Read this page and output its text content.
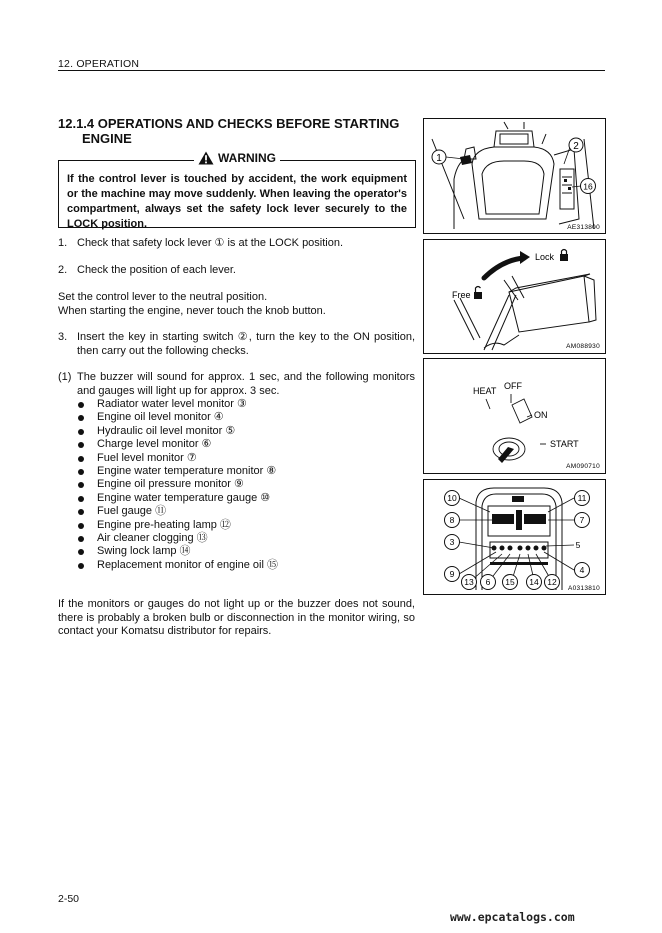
12. OPERATION
12.1.4 OPERATIONS AND CHECKS BEFORE STARTING
ENGINE
WARNING
If the control lever is touched by accident, the work equipment or the machine may move suddenly. When leaving the operator's compartment, always set the safety lock lever securely to the LOCK position.
1. Check that safety lock lever ① is at the LOCK position.
2. Check the position of each lever.
Set the control lever to the neutral position.
When starting the engine, never touch the knob button.
3. Insert the key in starting switch ②, turn the key to the ON position, then carry out the following checks.
(1) The buzzer will sound for approx. 1 sec, and the following monitors and gauges will light up for approx. 3 sec.
Radiator water level monitor ③
Engine oil level monitor ④
Hydraulic oil level monitor ⑤
Charge level monitor ⑥
Fuel level monitor ⑦
Engine water temperature monitor ⑧
Engine oil pressure monitor ⑨
Engine water temperature gauge ⑩
Fuel gauge ⑪
Engine pre-heating lamp ⑫
Air cleaner clogging ⑬
Swing lock lamp ⑭
Replacement monitor of engine oil ⑮
If the monitors or gauges do not light up or the buzzer does not sound, there is probably a broken bulb or disconnection in the monitor wiring, so contact your Komatsu distributor for repairs.
1
2
16
AE313800
Lock
Free
AM088930
HEAT OFF
ON
START
AM090710
10
8
3
9
13 6 15 14 12
4
5
7
11
A0313810
2-50
www.epcatalogs.com
